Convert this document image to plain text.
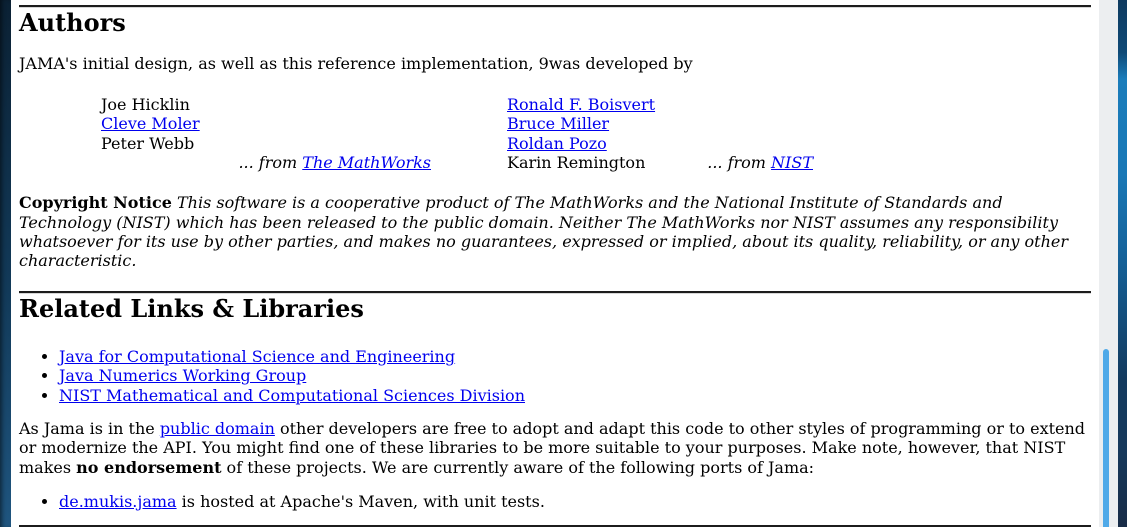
Authors

JAMA's initial design, as well as this reference implementation, 9was developed by

Joe Hicklin
Cleve Moler
Peter Webb
... from The MathWorks
Ronald F. Boisvert
Bruce Miller
Roldan Pozo
Karin Remington	... from NIST

Copyright Notice This software is a cooperative product of The MathWorks and the National Institute of Standards and Technology (NIST) which has been released to the public domain. Neither The MathWorks nor NIST assumes any responsibility whatsoever for its use by other parties, and makes no guarantees, expressed or implied, about its quality, reliability, or any other characteristic.

Related Links & Libraries
• Java for Computational Science and Engineering
• Java Numerics Working Group
• NIST Mathematical and Computational Sciences Division

As Jama is in the public domain other developers are free to adopt and adapt this code to other styles of programming or to extend or modernize the API. You might find one of these libraries to be more suitable to your purposes. Make note, however, that NIST makes no endorsement of these projects. We are currently aware of the following ports of Jama:

• de.mukis.jama is hosted at Apache's Maven, with unit tests.
